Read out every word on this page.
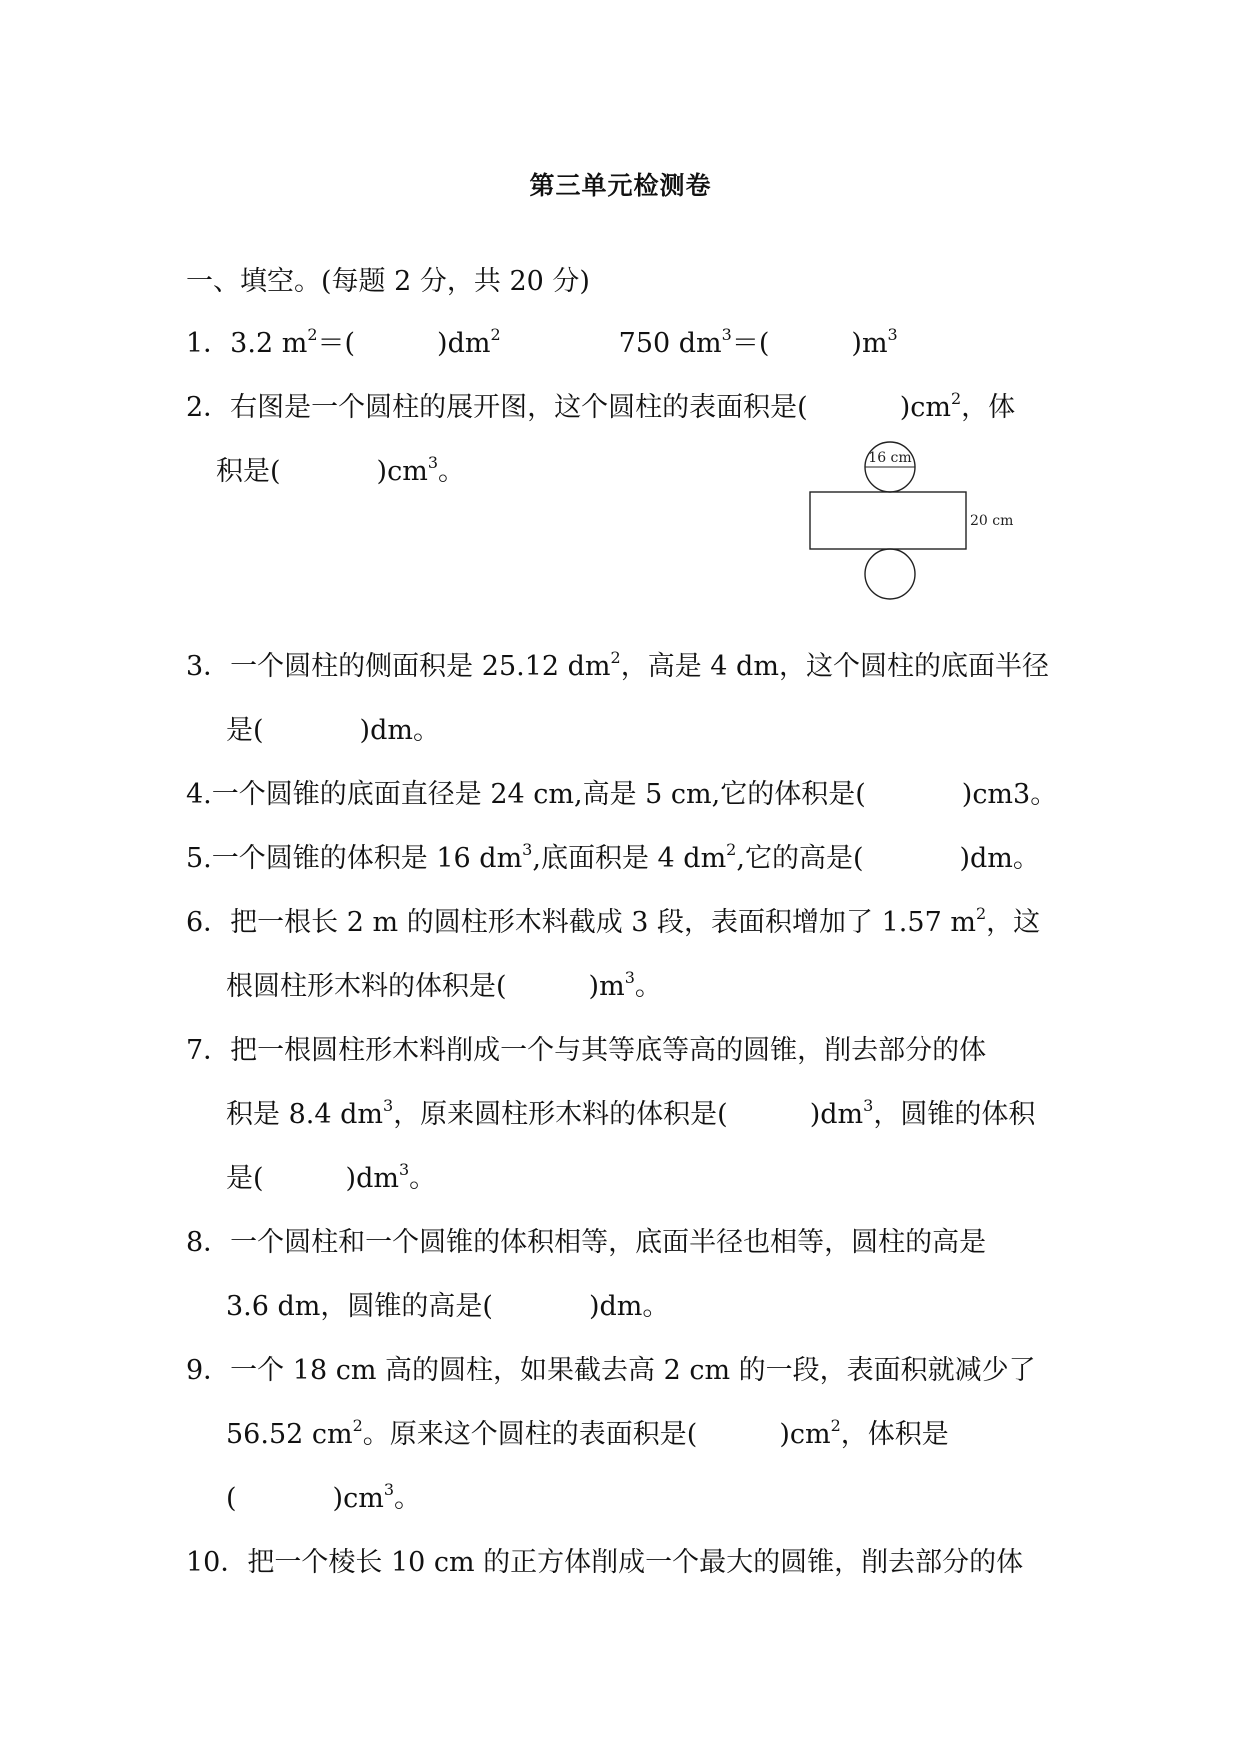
第三单元检测卷
一、填空。(每题 2 分，共 20 分)
1．3.2 $m^2=$(	)$dm^2$	750 $dm^3=$(	)$m^3$
2．右图是一个圆柱的展开图，这个圆柱的表面积是(	)$cm^2$，体
积是(	)$cm^3$。	16 cm
20 cm
3．一个圆柱的侧面积是 25.12 $dm^2$，高是 4 dm，这个圆柱的底面半径
是(	)dm。
4.一个圆锥的底面直径是 24 cm,高是 5 cm,它的体积是(	)cm3。
5.一个圆锥的体积是 16 $dm^3$,底面积是 4 $dm^2$,它的高是(	)dm。
6．把一根长 2 m 的圆柱形木料截成 3 段，表面积增加了 1.57 $m^2$，这
根圆柱形木料的体积是(	)$m^3$。
7．把一根圆柱形木料削成一个与其等底等高的圆锥，削去部分的体
积是 8.4 $dm^3$，原来圆柱形木料的体积是(	)$dm^3$，圆锥的体积
是(	)$dm^3$。
8．一个圆柱和一个圆锥的体积相等，底面半径也相等，圆柱的高是
3.6 dm，圆锥的高是(	)dm。
9．一个 18 cm 高的圆柱，如果截去高 2 cm 的一段，表面积就减少了
56.52 $cm^2$。原来这个圆柱的表面积是(	)$cm^2$，体积是
(	)$cm^3$。
10．把一个棱长 10 cm 的正方体削成一个最大的圆锥，削去部分的体
